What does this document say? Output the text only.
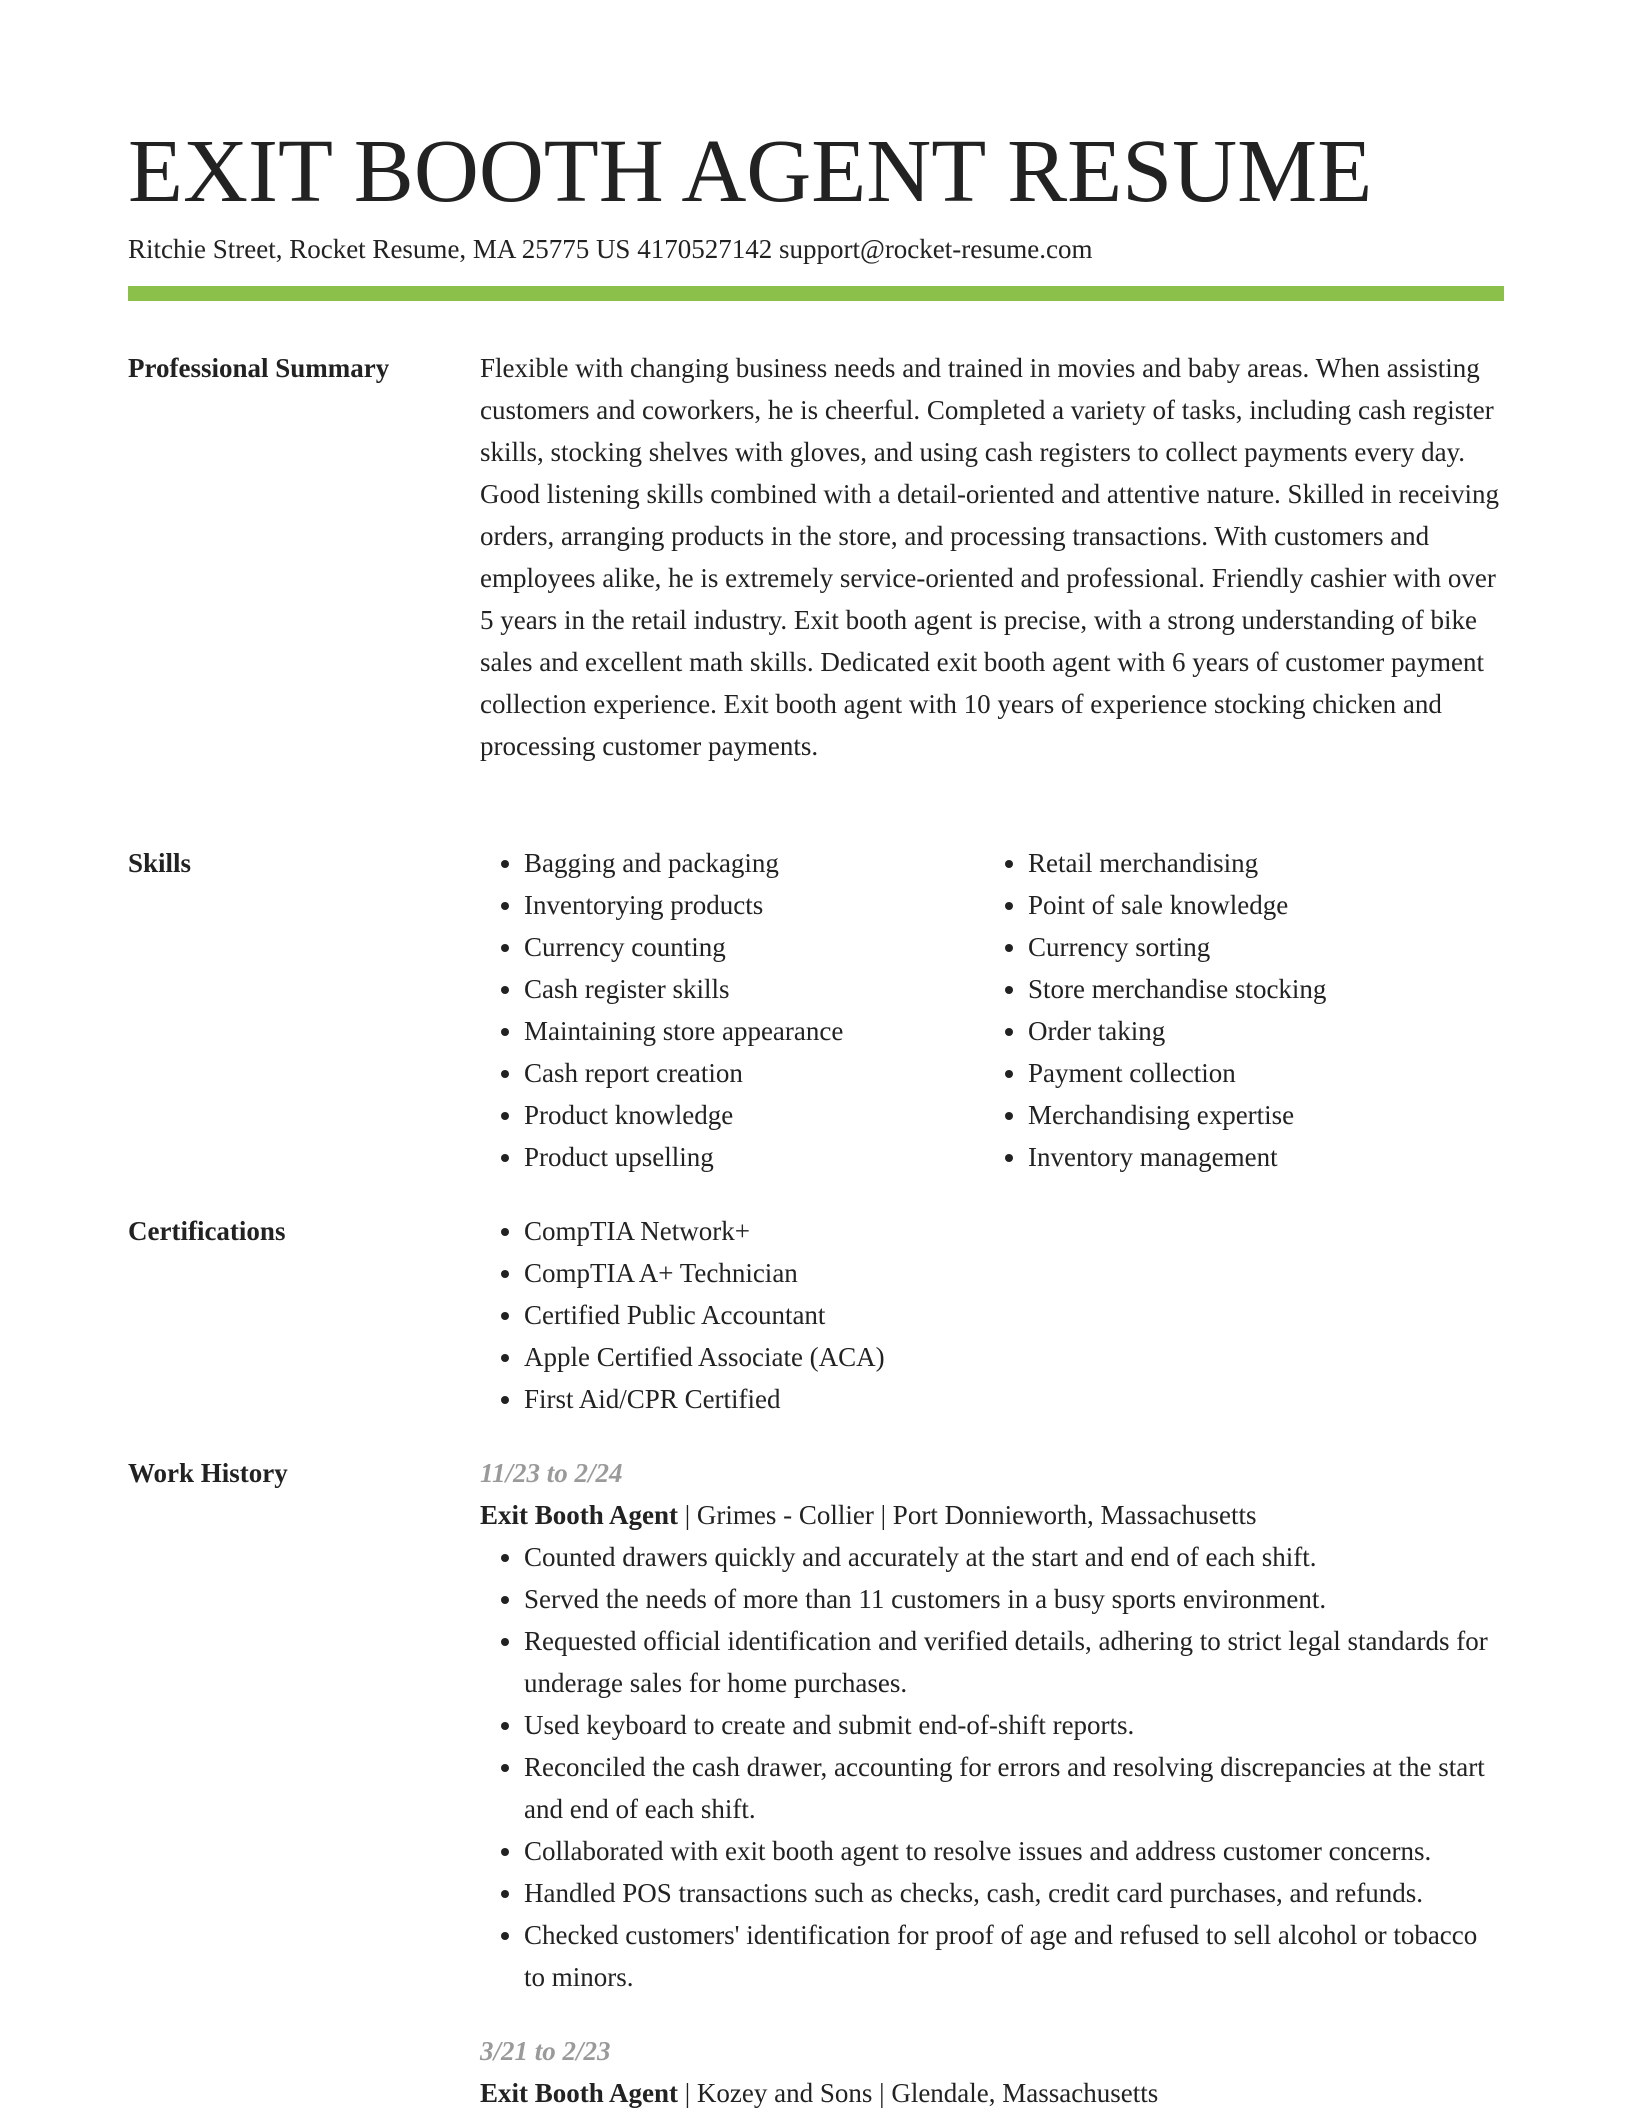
EXIT BOOTH AGENT RESUME
Ritchie Street, Rocket Resume, MA 25775 US 4170527142 support@rocket-resume.com
Professional Summary	Flexible with changing business needs and trained in movies and baby areas. When assisting customers and coworkers, he is cheerful. Completed a variety of tasks, including cash register skills, stocking shelves with gloves, and using cash registers to collect payments every day. Good listening skills combined with a detail-oriented and attentive nature. Skilled in receiving orders, arranging products in the store, and processing transactions. With customers and employees alike, he is extremely service-oriented and professional. Friendly cashier with over 5 years in the retail industry. Exit booth agent is precise, with a strong understanding of bike sales and excellent math skills. Dedicated exit booth agent with 6 years of customer payment collection experience. Exit booth agent with 10 years of experience stocking chicken and processing customer payments.

Skills	• Bagging and packaging
• Inventorying products
• Currency counting
• Cash register skills
• Maintaining store appearance
• Cash report creation
• Product knowledge
• Product upselling
• Retail merchandising
• Point of sale knowledge
• Currency sorting
• Store merchandise stocking
• Order taking
• Payment collection
• Merchandising expertise
• Inventory management
Certifications	• CompTIA Network+
• CompTIA A+ Technician
• Certified Public Accountant
• Apple Certified Associate (ACA)
• First Aid/CPR Certified
Work History	11/23 to 2/24
Exit Booth Agent | Grimes - Collier | Port Donnieworth, Massachusetts
• Counted drawers quickly and accurately at the start and end of each shift.
• Served the needs of more than 11 customers in a busy sports environment.
• Requested official identification and verified details, adhering to strict legal standards for underage sales for home purchases.
• Used keyboard to create and submit end-of-shift reports.
• Reconciled the cash drawer, accounting for errors and resolving discrepancies at the start and end of each shift.
• Collaborated with exit booth agent to resolve issues and address customer concerns.
• Handled POS transactions such as checks, cash, credit card purchases, and refunds.
• Checked customers' identification for proof of age and refused to sell alcohol or tobacco to minors.
3/21 to 2/23
Exit Booth Agent | Kozey and Sons | Glendale, Massachusetts
